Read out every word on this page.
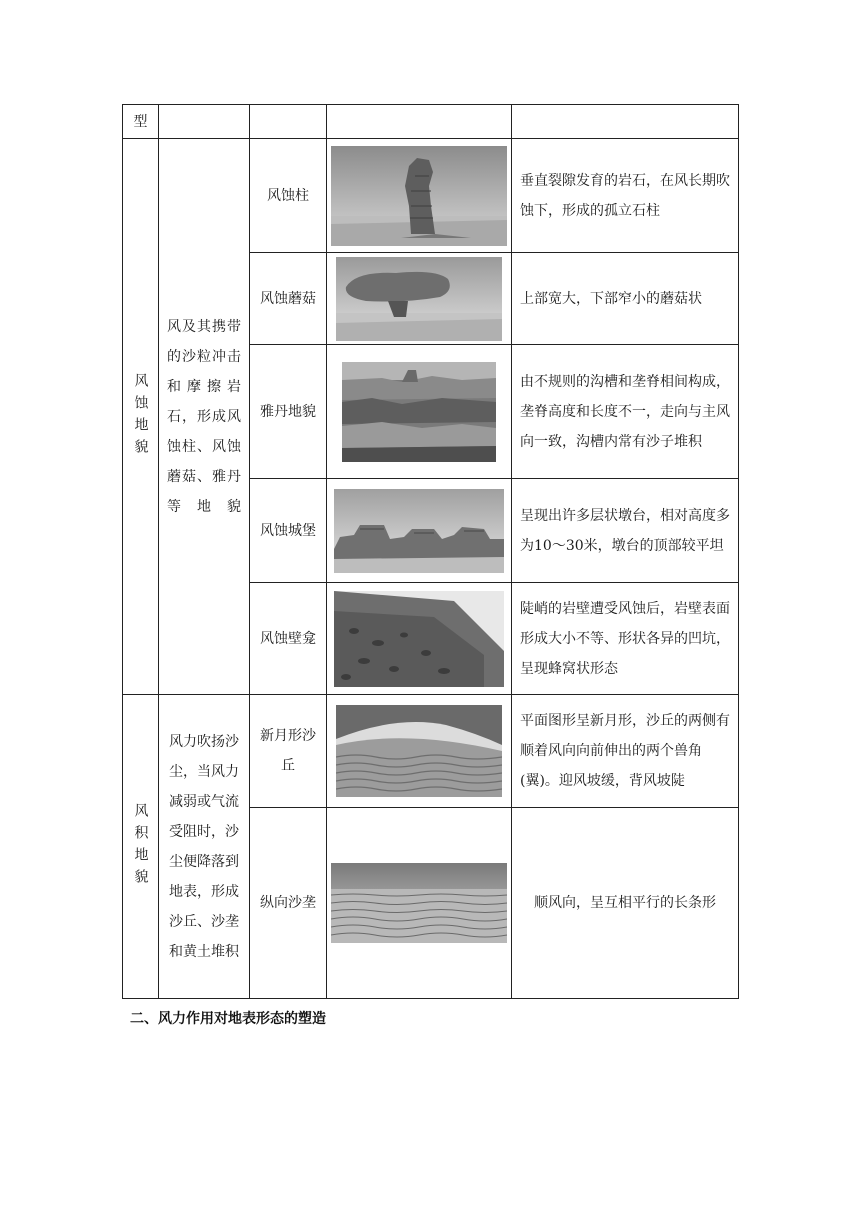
型				

风蚀地貌	风及其携带的沙粒冲击和摩擦岩石，形成风蚀柱、风蚀蘑菇、雅丹等地貌	风蚀柱		垂直裂隙发育的岩石，在风长期吹蚀下，形成的孤立石柱
		风蚀蘑菇		上部宽大，下部窄小的蘑菇状
		雅丹地貌		由不规则的沟槽和垄脊相间构成，垄脊高度和长度不一，走向与主风向一致，沟槽内常有沙子堆积
		风蚀城堡		呈现出许多层状墩台，相对高度多为10～30米，墩台的顶部较平坦
		风蚀壁龛		陡峭的岩壁遭受风蚀后，岩壁表面形成大小不等、形状各异的凹坑，呈现蜂窝状形态

风积地貌	风力吹扬沙尘，当风力减弱或气流受阻时，沙尘便降落到地表，形成沙丘、沙垄和黄土堆积	新月形沙丘		平面图形呈新月形，沙丘的两侧有顺着风向向前伸出的两个兽角(翼)。迎风坡缓，背风坡陡
		纵向沙垄		顺风向，呈互相平行的长条形
二、风力作用对地表形态的塑造
